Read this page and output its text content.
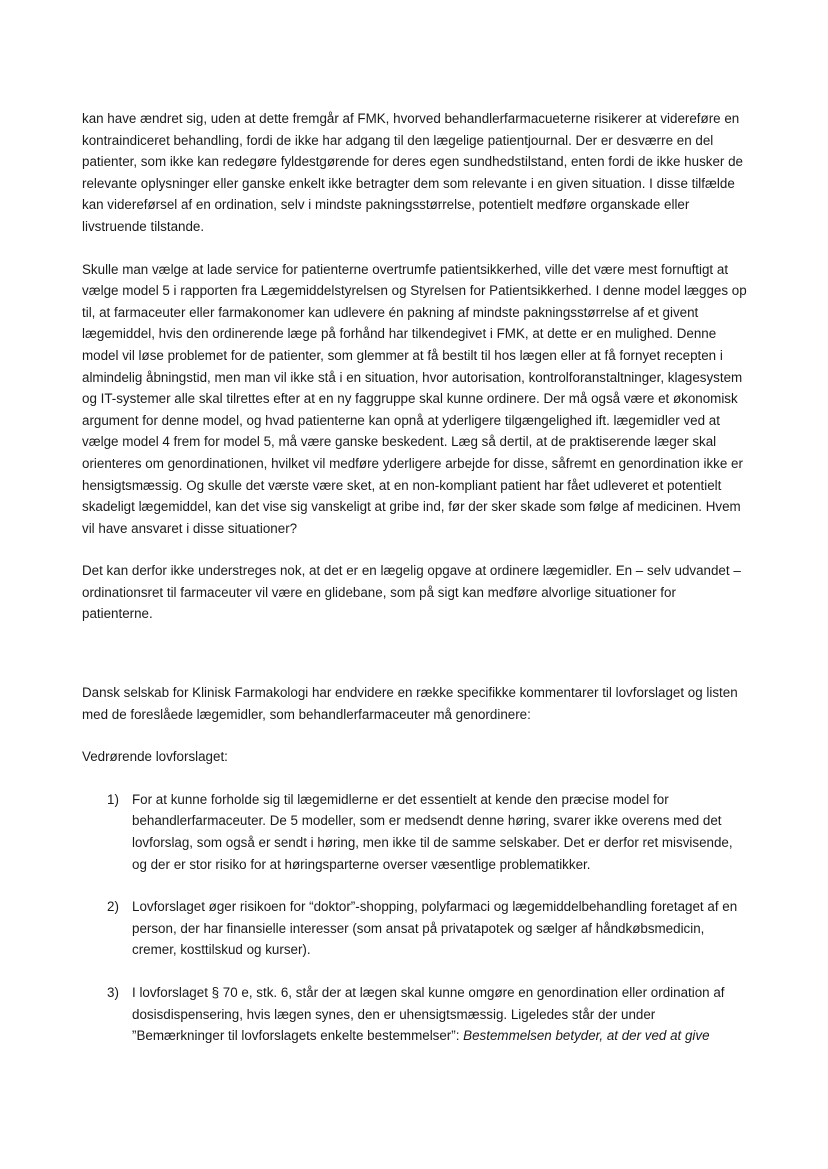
kan have ændret sig, uden at dette fremgår af FMK, hvorved behandlerfarmacueterne risikerer at videreføre en kontraindiceret behandling, fordi de ikke har adgang til den lægelige patientjournal. Der er desværre en del patienter, som ikke kan redegøre fyldestgørende for deres egen sundhedstilstand, enten fordi de ikke husker de relevante oplysninger eller ganske enkelt ikke betragter dem som relevante i en given situation. I disse tilfælde kan videreførsel af en ordination, selv i mindste pakningsstørrelse, potentielt medføre organskade eller livstruende tilstande.

Skulle man vælge at lade service for patienterne overtrumfe patientsikkerhed, ville det være mest fornuftigt at vælge model 5 i rapporten fra Lægemiddelstyrelsen og Styrelsen for Patientsikkerhed. I denne model lægges op til, at farmaceuter eller farmakonomer kan udlevere én pakning af mindste pakningsstørrelse af et givent lægemiddel, hvis den ordinerende læge på forhånd har tilkendegivet i FMK, at dette er en mulighed. Denne model vil løse problemet for de patienter, som glemmer at få bestilt til hos lægen eller at få fornyet recepten i almindelig åbningstid, men man vil ikke stå i en situation, hvor autorisation, kontrolforanstaltninger, klagesystem og IT-systemer alle skal tilrettes efter at en ny faggruppe skal kunne ordinere. Der må også være et økonomisk argument for denne model, og hvad patienterne kan opnå at yderligere tilgængelighed ift. lægemidler ved at vælge model 4 frem for model 5, må være ganske beskedent. Læg så dertil, at de praktiserende læger skal orienteres om genordinationen, hvilket vil medføre yderligere arbejde for disse, såfremt en genordination ikke er hensigtsmæssig. Og skulle det værste være sket, at en non-kompliant patient har fået udleveret et potentielt skadeligt lægemiddel, kan det vise sig vanskeligt at gribe ind, før der sker skade som følge af medicinen. Hvem vil have ansvaret i disse situationer?

Det kan derfor ikke understreges nok, at det er en lægelig opgave at ordinere lægemidler. En – selv udvandet – ordinationsret til farmaceuter vil være en glidebane, som på sigt kan medføre alvorlige situationer for patienterne.

Dansk selskab for Klinisk Farmakologi har endvidere en række specifikke kommentarer til lovforslaget og listen med de foreslåede lægemidler, som behandlerfarmaceuter må genordinere:

Vedrørende lovforslaget:

1) For at kunne forholde sig til lægemidlerne er det essentielt at kende den præcise model for behandlerfarmaceuter. De 5 modeller, som er medsendt denne høring, svarer ikke overens med det lovforslag, som også er sendt i høring, men ikke til de samme selskaber. Det er derfor ret misvisende, og der er stor risiko for at høringsparterne overser væsentlige problematikker.
2) Lovforslaget øger risikoen for “doktor”-shopping, polyfarmaci og lægemiddelbehandling foretaget af en person, der har finansielle interesser (som ansat på privatapotek og sælger af håndkøbsmedicin, cremer, kosttilskud og kurser).
3) I lovforslaget § 70 e, stk. 6, står der at lægen skal kunne omgøre en genordination eller ordination af dosisdispensering, hvis lægen synes, den er uhensigtsmæssig. Ligeledes står der under ”Bemærkninger til lovforslagets enkelte bestemmelser”: Bestemmelsen betyder, at der ved at give
